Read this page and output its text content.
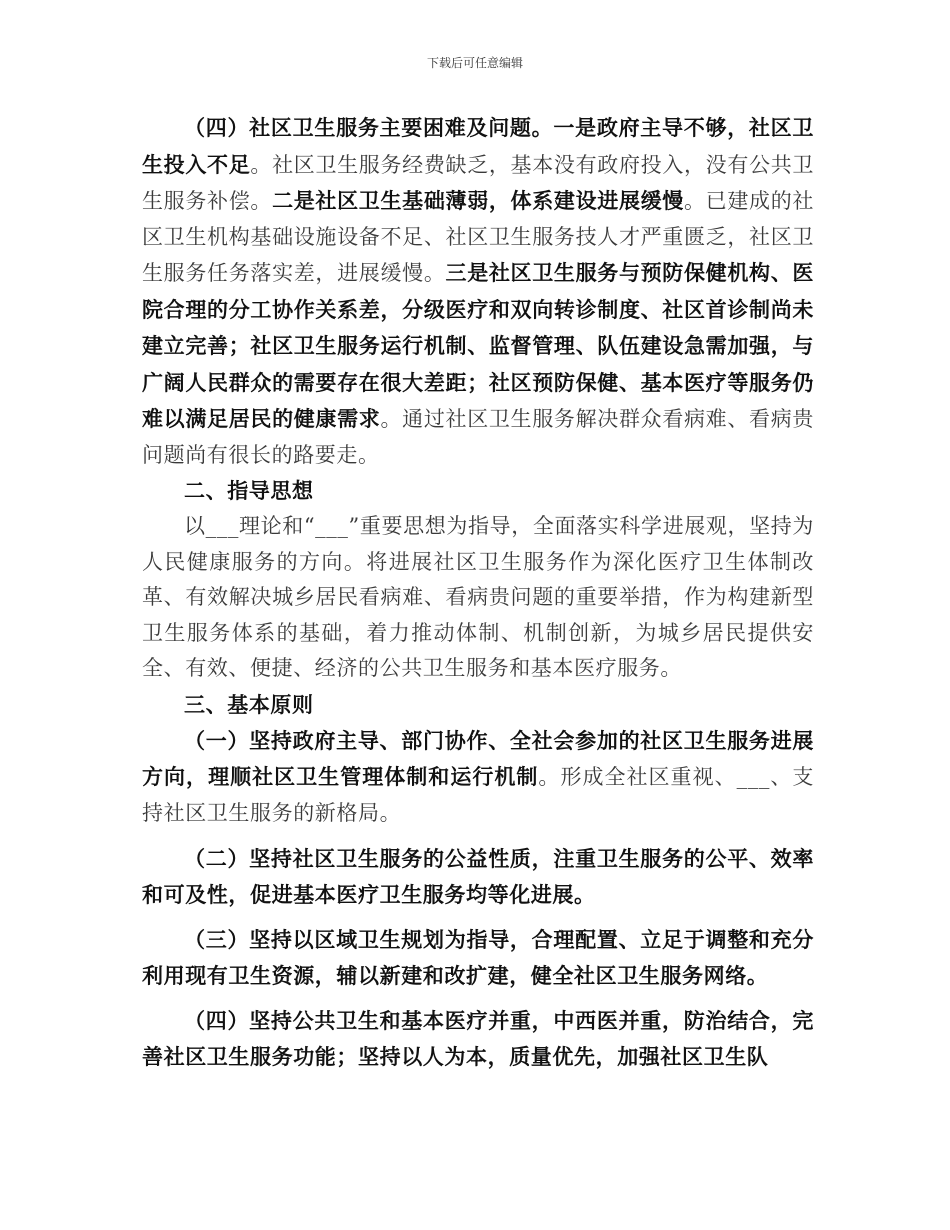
下载后可任意编辑

（四）社区卫生服务主要困难及问题。一是政府主导不够，社区卫生投入不足。社区卫生服务经费缺乏，基本没有政府投入，没有公共卫生服务补偿。二是社区卫生基础薄弱，体系建设进展缓慢。已建成的社区卫生机构基础设施设备不足、社区卫生服务技人才严重匮乏，社区卫生服务任务落实差，进展缓慢。三是社区卫生服务与预防保健机构、医院合理的分工协作关系差，分级医疗和双向转诊制度、社区首诊制尚未建立完善；社区卫生服务运行机制、监督管理、队伍建设急需加强，与广阔人民群众的需要存在很大差距；社区预防保健、基本医疗等服务仍难以满足居民的健康需求。通过社区卫生服务解决群众看病难、看病贵问题尚有很长的路要走。

二、指导思想

以___理论和“___”重要思想为指导，全面落实科学进展观，坚持为人民健康服务的方向。将进展社区卫生服务作为深化医疗卫生体制改革、有效解决城乡居民看病难、看病贵问题的重要举措，作为构建新型卫生服务体系的基础，着力推动体制、机制创新，为城乡居民提供安全、有效、便捷、经济的公共卫生服务和基本医疗服务。

三、基本原则

（一）坚持政府主导、部门协作、全社会参加的社区卫生服务进展方向，理顺社区卫生管理体制和运行机制。形成全社区重视、___、支持社区卫生服务的新格局。

（二）坚持社区卫生服务的公益性质，注重卫生服务的公平、效率和可及性，促进基本医疗卫生服务均等化进展。

（三）坚持以区域卫生规划为指导，合理配置、立足于调整和充分利用现有卫生资源，辅以新建和改扩建，健全社区卫生服务网络。

（四）坚持公共卫生和基本医疗并重，中西医并重，防治结合，完善社区卫生服务功能；坚持以人为本，质量优先，加强社区卫生队
